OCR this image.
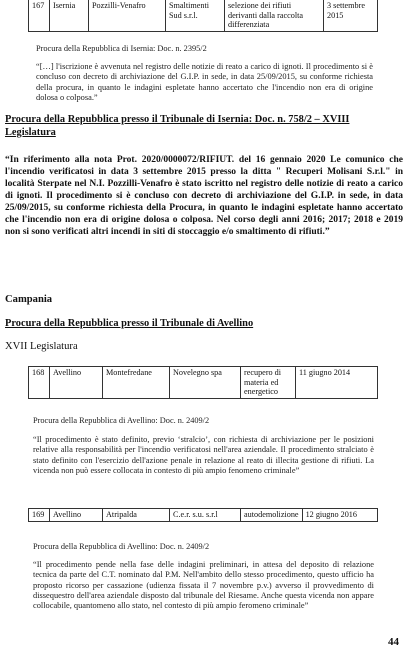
167	Isernia	Pozzilli-Venafro	Smaltimenti Sud s.r.l.	selezione dei rifiuti derivanti dalla raccolta differenziata	3 settembre 2015
Procura della Repubblica di Isernia: Doc. n. 2395/2
“[…] l'iscrizione è avvenuta nel registro delle notizie di reato a carico di ignoti. Il procedimento si è concluso con decreto di archiviazione del G.I.P. in sede, in data 25/09/2015, su conforme richiesta della procura, in quanto le indagini espletate hanno accertato che l'incendio non era di origine dolosa o colposa.”
Procura della Repubblica presso il Tribunale di Isernia: Doc. n. 758/2 – XVIII Legislatura
“In riferimento alla nota Prot. 2020/0000072/RIFIUT. del 16 gennaio 2020 Le comunico che l'incendio verificatosi in data 3 settembre 2015 presso la ditta " Recuperi Molisani S.r.l." in località Sterpate nel N.I. Pozzilli-Venafro è stato iscritto nel registro delle notizie di reato a carico di ignoti. Il procedimento si è concluso con decreto di archiviazione del G.I.P. in sede, in data 25/09/2015, su conforme richiesta della Procura, in quanto le indagini espletate hanno accertato che l'incendio non era di origine dolosa o colposa. Nel corso degli anni 2016; 2017; 2018 e 2019 non si sono verificati altri incendi in siti di stoccaggio e/o smaltimento di rifiuti.”
Campania
Procura della Repubblica presso il Tribunale di Avellino
XVII Legislatura
168	Avellino	Montefredane	Novelegno spa	recupero di materia ed energetico	11 giugno 2014
Procura della Repubblica di Avellino: Doc. n. 2409/2
“Il procedimento è stato definito, previo ‘stralcio’, con richiesta di archiviazione per le posizioni relative alla responsabilità per l'incendio verificatosi nell'area aziendale. Il procedimento stralciato è stato definito con l'esercizio dell'azione penale in relazione al reato di illecita gestione di rifiuti. La vicenda non può essere collocata in contesto di più ampio fenomeno criminale”
169	Avellino	Atripalda	C.e.r. s.u. s.r.l	autodemolizione	12 giugno 2016
Procura della Repubblica di Avellino: Doc. n. 2409/2
“Il procedimento pende nella fase delle indagini preliminari, in attesa del deposito di relazione tecnica da parte del C.T. nominato dal P.M. Nell'ambito dello stesso procedimento, questo ufficio ha proposto ricorso per cassazione (udienza fissata il 7 novembre p.v.) avverso il provvedimento di dissequestro dell'area aziendale disposto dal tribunale del Riesame. Anche questa vicenda non appare collocabile, quantomeno allo stato, nel contesto di più ampio feromeno criminale”
44
